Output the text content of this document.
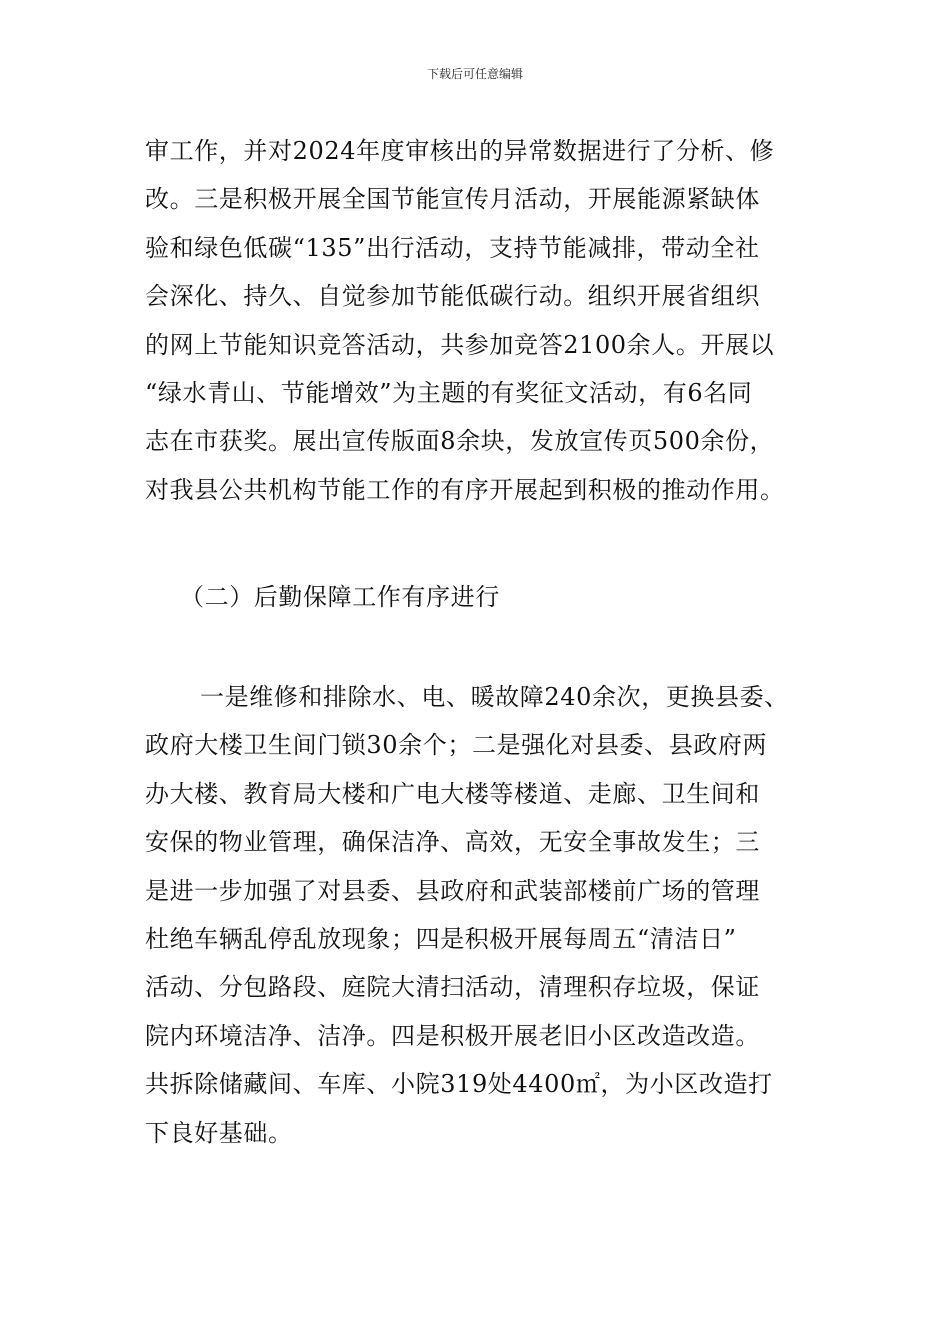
下载后可任意编辑
审工作，并对2024年度审核出的异常数据进行了分析、修
改。三是积极开展全国节能宣传月活动，开展能源紧缺体
验和绿色低碳“135”出行活动，支持节能减排，带动全社
会深化、持久、自觉参加节能低碳行动。组织开展省组织
的网上节能知识竞答活动，共参加竞答2100余人。开展以
“绿水青山、节能增效”为主题的有奖征文活动，有6名同
志在市获奖。展出宣传版面8余块，发放宣传页500余份，
对我县公共机构节能工作的有序开展起到积极的推动作用。
（二）后勤保障工作有序进行
一是维修和排除水、电、暖故障240余次，更换县委、
政府大楼卫生间门锁30余个；二是强化对县委、县政府两
办大楼、教育局大楼和广电大楼等楼道、走廊、卫生间和
安保的物业管理，确保洁净、高效，无安全事故发生；三
是进一步加强了对县委、县政府和武装部楼前广场的管理
杜绝车辆乱停乱放现象；四是积极开展每周五“清洁日”
活动、分包路段、庭院大清扫活动，清理积存垃圾，保证
院内环境洁净、洁净。四是积极开展老旧小区改造改造。
共拆除储藏间、车库、小院319处4400㎡，为小区改造打
下良好基础。
